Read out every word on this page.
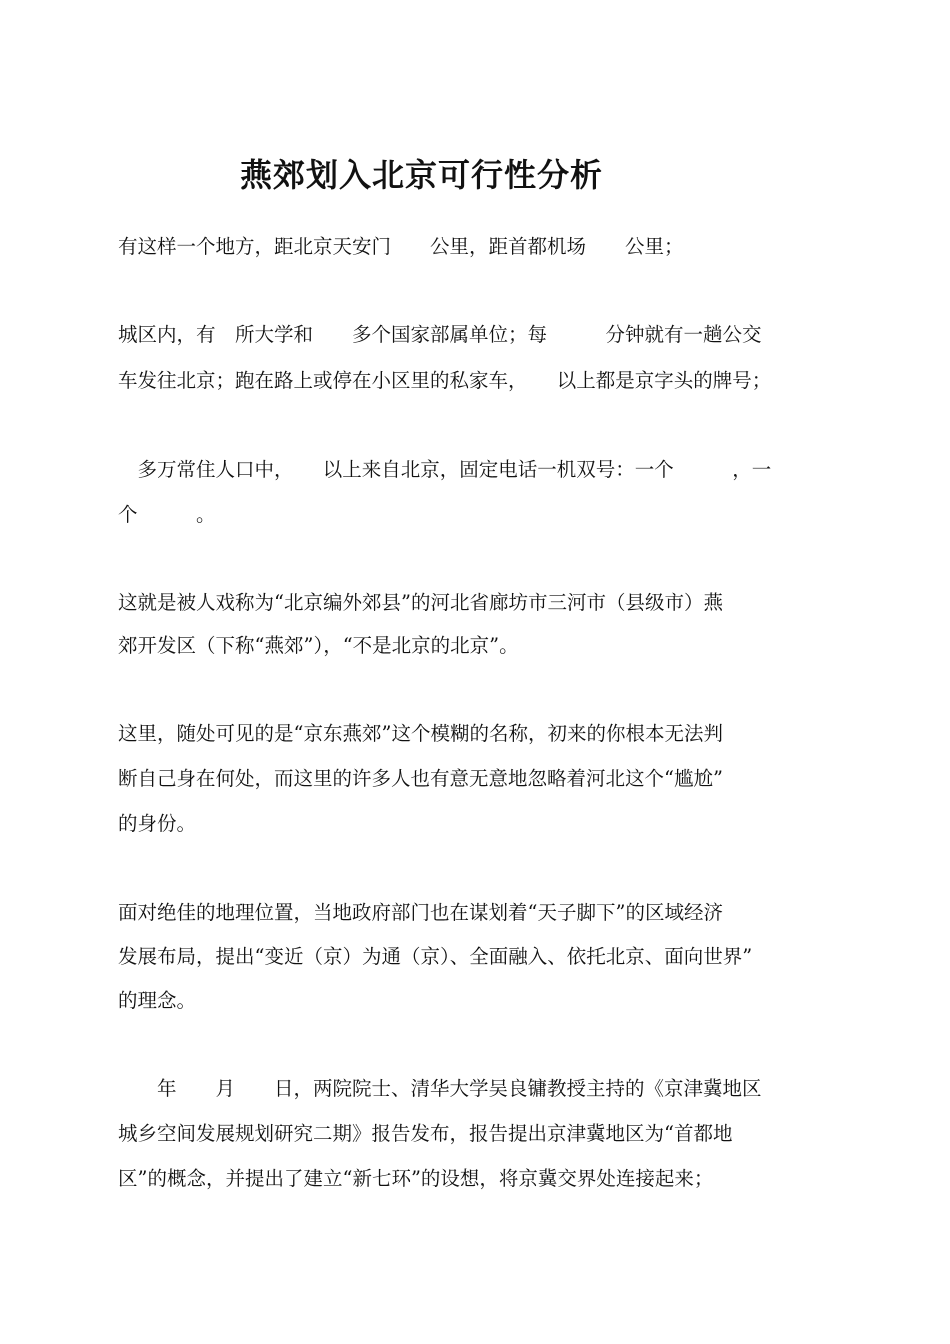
燕郊划入北京可行性分析
有这样一个地方，距北京天安门　　公里，距首都机场　　公里；
城区内，有　所大学和　　多个国家部属单位；每　　　分钟就有一趟公交
车发往北京；跑在路上或停在小区里的私家车，　　以上都是京字头的牌号；
　多万常住人口中，　　以上来自北京，固定电话一机双号：一个　　　，一
个　　　。
这就是被人戏称为“北京编外郊县”的河北省廊坊市三河市（县级市）燕
郊开发区（下称“燕郊”），“不是北京的北京”。
这里，随处可见的是“京东燕郊”这个模糊的名称，初来的你根本无法判
断自己身在何处，而这里的许多人也有意无意地忽略着河北这个“尴尬”
的身份。
面对绝佳的地理位置，当地政府部门也在谋划着“天子脚下”的区域经济
发展布局，提出“变近（京）为通（京）、全面融入、依托北京、面向世界”
的理念。
　　年　　月　　日，两院院士、清华大学吴良镛教授主持的《京津冀地区
城乡空间发展规划研究二期》报告发布，报告提出京津冀地区为“首都地
区”的概念，并提出了建立“新七环”的设想，将京冀交界处连接起来；
